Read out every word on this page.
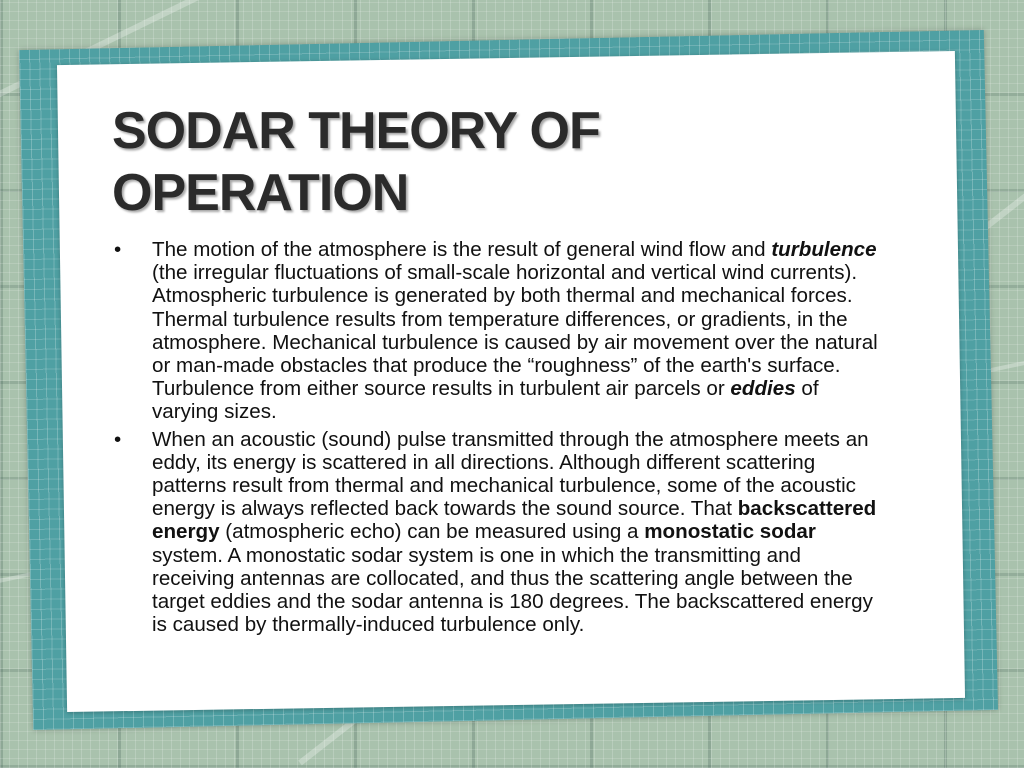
SODAR THEORY OF
OPERATION
• The motion of the atmosphere is the result of general wind flow and turbulence (the irregular fluctuations of small-scale horizontal and vertical wind currents). Atmospheric turbulence is generated by both thermal and mechanical forces. Thermal turbulence results from temperature differences, or gradients, in the atmosphere. Mechanical turbulence is caused by air movement over the natural or man-made obstacles that produce the “roughness” of the earth's surface. Turbulence from either source results in turbulent air parcels or eddies of varying sizes.
• When an acoustic (sound) pulse transmitted through the atmosphere meets an eddy, its energy is scattered in all directions. Although different scattering patterns result from thermal and mechanical turbulence, some of the acoustic energy is always reflected back towards the sound source. That backscattered energy (atmospheric echo) can be measured using a monostatic sodar system. A monostatic sodar system is one in which the transmitting and receiving antennas are collocated, and thus the scattering angle between the target eddies and the sodar antenna is 180 degrees. The backscattered energy is caused by thermally-induced turbulence only.
